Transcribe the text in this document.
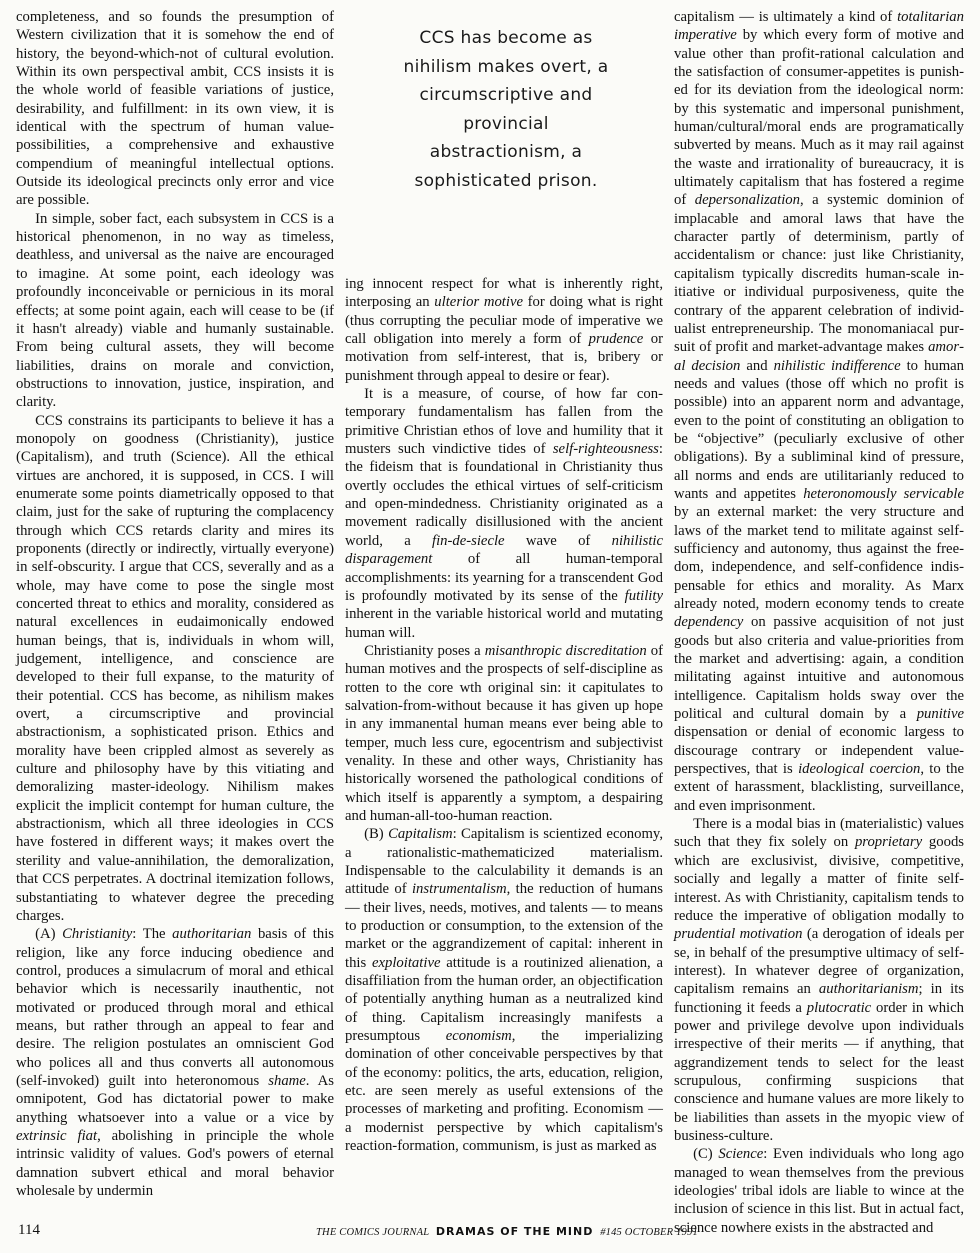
CCS has become as nihilism makes overt, a circumscriptive and provincial abstractionism, a sophisticated prison.

completeness, and so founds the presumption of Western civilization that it is somehow the end of history, the beyond-which-not of cultural evolution. Within its own perspectival ambit, CCS insists it is the whole world of feasible variations of justice, desirability, and fulfillment: in its own view, it is identical with the spectrum of human value-possibilities, a comprehensive and exhaustive compendium of meaningful intellectual options. Outside its ideological precincts only error and vice are possible.

In simple, sober fact, each subsystem in CCS is a historical phenomenon, in no way as timeless, deathless, and universal as the naive are encouraged to imagine. At some point, each ideology was profoundly inconceivable or pernicious in its moral effects; at some point again, each will cease to be (if it hasn't already) viable and humanly sustainable. From being cultural assets, they will become liabilities, drains on morale and conviction, obstructions to innovation, justice, inspiration, and clarity.

CCS constrains its participants to believe it has a monopoly on goodness (Christianity), justice (Capitalism), and truth (Science). All the ethical virtues are anchored, it is supposed, in CCS. I will enumerate some points diametrically opposed to that claim, just for the sake of rupturing the complacency through which CCS retards clarity and mires its proponents (directly or indirectly, virtually everyone) in self-obscurity. I argue that CCS, severally and as a whole, may have come to pose the single most concerted threat to ethics and morality, considered as natural excellences in eudaimonically endowed human beings, that is, individuals in whom will, judgement, intelligence, and conscience are developed to their full expanse, to the maturity of their potential. CCS has become, as nihilism makes overt, a circumscriptive and provincial abstractionism, a sophisticated prison. Ethics and morality have been crippled almost as severely as culture and philosophy have by this vitiating and demoralizing master-ideology. Nihilism makes explicit the implicit contempt for human culture, the abstractionism, which all three ideologies in CCS have fostered in different ways; it makes overt the sterility and value-annihilation, the demoralization, that CCS perpetrates. A doctrinal itemization follows, substantiating to whatever degree the preceding charges.

(A) Christianity: The authoritarian basis of this religion, like any force inducing obedience and control, produces a simulacrum of moral and ethical behavior which is necessarily inauthentic, not motivated or produced through moral and ethical means, but rather through an appeal to fear and desire. The religion postulates an omniscient God who polices all and thus converts all autonomous (self-invoked) guilt into heteronomous shame. As omnipotent, God has dictatorial power to make anything whatsoever into a value or a vice by extrinsic fiat, abolishing in principle the whole intrinsic validity of values. God's powers of eternal damnation subvert ethical and moral behavior wholesale by undermin

ing innocent respect for what is inherently right, interposing an ulterior motive for doing what is right (thus corrupting the peculiar mode of imperative we call obligation into merely a form of prudence or motivation from self-interest, that is, bribery or punishment through appeal to desire or fear).

It is a measure, of course, of how far contemporary fundamentalism has fallen from the primitive Christian ethos of love and humility that it musters such vindictive tides of self-righteousness: the fideism that is foundational in Christianity thus overtly occludes the ethical virtues of self-criticism and open-mindedness. Christianity originated as a movement radically disillusioned with the ancient world, a fin-de-siecle wave of nihilistic disparagement of all human-temporal accomplishments: its yearning for a transcendent God is profoundly motivated by its sense of the futility inherent in the variable historical world and mutating human will.

Christianity poses a misanthropic discreditation of human motives and the prospects of self-discipline as rotten to the core wth original sin: it capitulates to salvation-from-without because it has given up hope in any immanental human means ever being able to temper, much less cure, egocentrism and subjectivist venality. In these and other ways, Christianity has historically worsened the pathological conditions of which itself is apparently a symptom, a despairing and human-all-too-human reaction.

(B) Capitalism: Capitalism is scientized economy, a rationalistic-mathematicized materialism. Indispensable to the calculability it demands is an attitude of instrumentalism, the reduction of humans — their lives, needs, motives, and talents — to means to production or consumption, to the extension of the market or the aggrandizement of capital: inherent in this exploitative attitude is a routinized alienation, a disaffiliation from the human order, an objectification of potentially anything human as a neutralized kind of thing. Capitalism increasingly manifests a presumptous economism, the imperializing domination of other conceivable perspectives by that of the economy: politics, the arts, education, religion, etc. are seen merely as useful extensions of the processes of marketing and profiting. Economism — a modernist perspective by which capitalism's reaction-formation, communism, is just as marked as

capitalism — is ultimately a kind of totalitarian imperative by which every form of motive and value other than profit-rational calculation and the satisfaction of consumer-appetites is punished for its deviation from the ideological norm: by this systematic and impersonal punishment, human/cultural/moral ends are programatically subverted by means. Much as it may rail against the waste and irrationality of bureaucracy, it is ultimately capitalism that has fostered a regime of depersonalization, a systemic dominion of implacable and amoral laws that have the character partly of determinism, partly of accidentalism or chance: just like Christianity, capitalism typically discredits human-scale initiative or individual purposiveness, quite the contrary of the apparent celebration of individualist entrepreneurship. The monomaniacal pursuit of profit and market-advantage makes amoral decision and nihilistic indifference to human needs and values (those off which no profit is possible) into an apparent norm and advantage, even to the point of constituting an obligation to be “objective” (peculiarly exclusive of other obligations). By a subliminal kind of pressure, all norms and ends are utilitarianly reduced to wants and appetites heteronomously servicable by an external market: the very structure and laws of the market tend to militate against self-sufficiency and autonomy, thus against the freedom, independence, and self-confidence indispensable for ethics and morality. As Marx already noted, modern economy tends to create dependency on passive acquisition of not just goods but also criteria and value-priorities from the market and advertising: again, a condition militating against intuitive and autonomous intelligence. Capitalism holds sway over the political and cultural domain by a punitive dispensation or denial of economic largess to discourage contrary or independent value-perspectives, that is ideological coercion, to the extent of harassment, blacklisting, surveillance, and even imprisonment.

There is a modal bias in (materialistic) values such that they fix solely on proprietary goods which are exclusivist, divisive, competitive, socially and legally a matter of finite self-interest. As with Christianity, capitalism tends to reduce the imperative of obligation modally to prudential motivation (a derogation of ideals per se, in behalf of the presumptive ultimacy of self-interest). In whatever degree of organization, capitalism remains an authoritarianism; in its functioning it feeds a plutocratic order in which power and privilege devolve upon individuals irrespective of their merits — if anything, that aggrandizement tends to select for the least scrupulous, confirming suspicions that conscience and humane values are more likely to be liabilities than assets in the myopic view of business-culture.

(C) Science: Even individuals who long ago managed to wean themselves from the previous ideologies' tribal idols are liable to wince at the inclusion of science in this list. But in actual fact, science nowhere exists in the abstracted and

114	THE COMICS JOURNAL DRAMAS OF THE MIND #145 OCTOBER 1991
